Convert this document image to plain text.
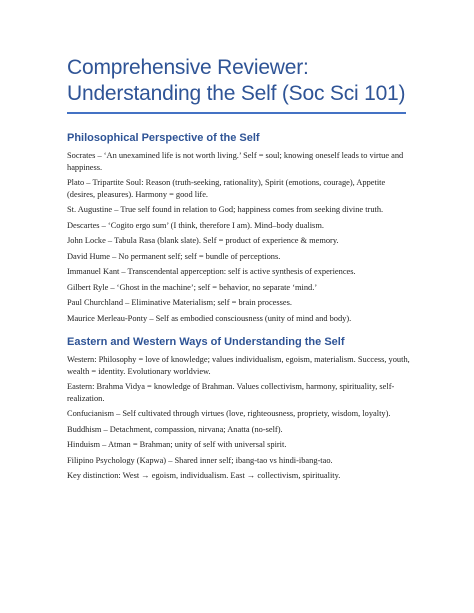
Comprehensive Reviewer:
Understanding the Self (Soc Sci 101)
Philosophical Perspective of the Self

Socrates – ‘An unexamined life is not worth living.’ Self = soul; knowing oneself leads to virtue and happiness.

Plato – Tripartite Soul: Reason (truth-seeking, rationality), Spirit (emotions, courage), Appetite (desires, pleasures). Harmony = good life.

St. Augustine – True self found in relation to God; happiness comes from seeking divine truth.

Descartes – ‘Cogito ergo sum’ (I think, therefore I am). Mind–body dualism.

John Locke – Tabula Rasa (blank slate). Self = product of experience & memory.

David Hume – No permanent self; self = bundle of perceptions.

Immanuel Kant – Transcendental apperception: self is active synthesis of experiences.

Gilbert Ryle – ‘Ghost in the machine’; self = behavior, no separate ‘mind.’

Paul Churchland – Eliminative Materialism; self = brain processes.

Maurice Merleau-Ponty – Self as embodied consciousness (unity of mind and body).

Eastern and Western Ways of Understanding the Self

Western: Philosophy = love of knowledge; values individualism, egoism, materialism. Success, youth, wealth = identity. Evolutionary worldview.

Eastern: Brahma Vidya = knowledge of Brahman. Values collectivism, harmony, spirituality, self-realization.

Confucianism – Self cultivated through virtues (love, righteousness, propriety, wisdom, loyalty).

Buddhism – Detachment, compassion, nirvana; Anatta (no-self).

Hinduism – Atman = Brahman; unity of self with universal spirit.

Filipino Psychology (Kapwa) – Shared inner self; ibang-tao vs hindi-ibang-tao.

Key distinction: West → egoism, individualism. East → collectivism, spirituality.
